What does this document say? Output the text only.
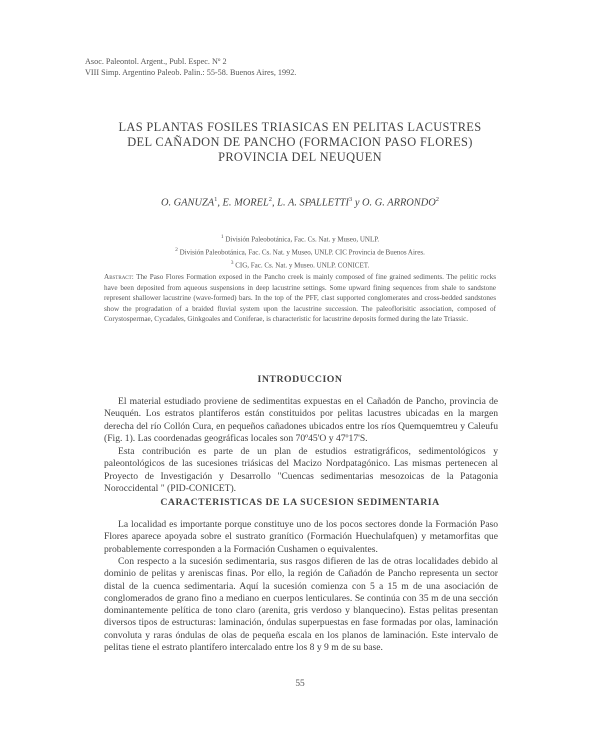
Asoc. Paleontol. Argent., Publ. Espec. Nº 2
VIII Simp. Argentino Paleob. Palin.: 55-58. Buenos Aires, 1992.
LAS PLANTAS FOSILES TRIASICAS EN PELITAS LACUSTRES
DEL CAÑADON DE PANCHO (FORMACION PASO FLORES)
PROVINCIA DEL NEUQUEN
O. GANUZA$^1$, E. MOREL$^2$, L. A. SPALLETTI$^3$ y O. G. ARRONDO$^2$
$^1$ División Paleobotánica, Fac. Cs. Nat. y Museo, UNLP.
$^2$ División Paleobotánica, Fac. Cs. Nat. y Museo, UNLP. CIC Provincia de Buenos Aires.
$^3$ CIG, Fac. Cs. Nat. y Museo. UNLP. CONICET.
Abstract: The Paso Flores Formation exposed in the Pancho creek is mainly composed of fine grained sediments. The pelitic rocks have been deposited from aqueous suspensions in deep lacustrine settings. Some upward fining sequences from shale to sandstone represent shallower lacustrine (wave-formed) bars. In the top of the PFF, clast supported conglomerates and cross-bedded sandstones show the progradation of a braided fluvial system upon the lacustrine succession. The paleoflorisitic association, composed of Corystospermae, Cycadales, Ginkgoales and Coniferae, is characteristic for lacustrine deposits formed during the late Triassic.
INTRODUCCION
El material estudiado proviene de sedimentitas expuestas en el Cañadón de Pancho, provincia de Neuquén. Los estratos plantíferos están constituidos por pelitas lacustres ubicadas en la margen derecha del río Collón Cura, en pequeños cañadones ubicados entre los ríos Quemquemtreu y Caleufu (Fig. 1). Las coordenadas geográficas locales son 70º45'O y 47º17'S.
Esta contribución es parte de un plan de estudios estratigráficos, sedimentológicos y paleontológicos de las sucesiones triásicas del Macizo Nordpatagónico. Las mismas pertenecen al Proyecto de Investigación y Desarrollo "Cuencas sedimentarias mesozoicas de la Patagonia Noroccidental " (PID-CONICET).
CARACTERISTICAS DE LA SUCESION SEDIMENTARIA
La localidad es importante porque constituye uno de los pocos sectores donde la Formación Paso Flores aparece apoyada sobre el sustrato granítico (Formación Huechulafquen) y metamorfitas que probablemente corresponden a la Formación Cushamen o equivalentes.
Con respecto a la sucesión sedimentaria, sus rasgos difieren de las de otras localidades debido al dominio de pelitas y areniscas finas. Por ello, la región de Cañadón de Pancho representa un sector distal de la cuenca sedimentaria. Aquí la sucesión comienza con 5 a 15 m de una asociación de conglomerados de grano fino a mediano en cuerpos lenticulares. Se continúa con 35 m de una sección dominantemente pelítica de tono claro (arenita, gris verdoso y blanquecino). Estas pelitas presentan diversos tipos de estructuras: laminación, óndulas superpuestas en fase formadas por olas, laminación convoluta y raras óndulas de olas de pequeña escala en los planos de laminación. Este intervalo de pelitas tiene el estrato plantífero intercalado entre los 8 y 9 m de su base.
55
